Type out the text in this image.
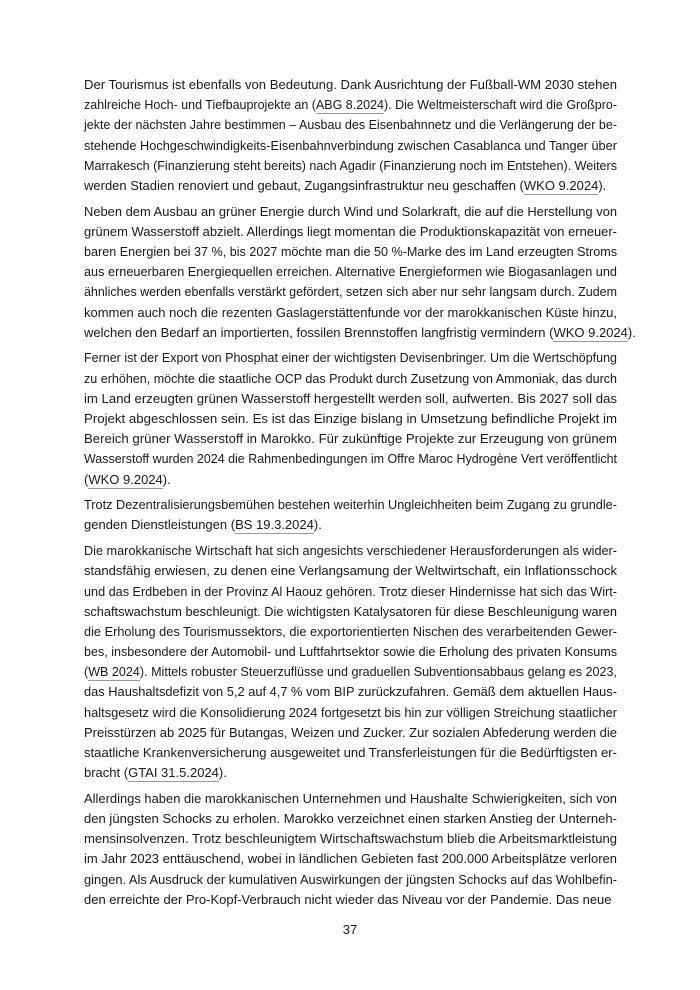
Der Tourismus ist ebenfalls von Bedeutung. Dank Ausrichtung der Fußball-WM 2030 stehen
zahlreiche Hoch- und Tiefbauprojekte an (ABG 8.2024). Die Weltmeisterschaft wird die Großpro-
jekte der nächsten Jahre bestimmen – Ausbau des Eisenbahnnetz und die Verlängerung der be-
stehende Hochgeschwindigkeits-Eisenbahnverbindung zwischen Casablanca und Tanger über
Marrakesch (Finanzierung steht bereits) nach Agadir (Finanzierung noch im Entstehen). Weiters
werden Stadien renoviert und gebaut, Zugangsinfrastruktur neu geschaffen (WKO 9.2024).
Neben dem Ausbau an grüner Energie durch Wind und Solarkraft, die auf die Herstellung von
grünem Wasserstoff abzielt. Allerdings liegt momentan die Produktionskapazität von erneuer-
baren Energien bei 37 %, bis 2027 möchte man die 50 %-Marke des im Land erzeugten Stroms
aus erneuerbaren Energiequellen erreichen. Alternative Energieformen wie Biogasanlagen und
ähnliches werden ebenfalls verstärkt gefördert, setzen sich aber nur sehr langsam durch. Zudem
kommen auch noch die rezenten Gaslagerstättenfunde vor der marokkanischen Küste hinzu,
welchen den Bedarf an importierten, fossilen Brennstoffen langfristig vermindern (WKO 9.2024).
Ferner ist der Export von Phosphat einer der wichtigsten Devisenbringer. Um die Wertschöpfung
zu erhöhen, möchte die staatliche OCP das Produkt durch Zusetzung von Ammoniak, das durch
im Land erzeugten grünen Wasserstoff hergestellt werden soll, aufwerten. Bis 2027 soll das
Projekt abgeschlossen sein. Es ist das Einzige bislang in Umsetzung befindliche Projekt im
Bereich grüner Wasserstoff in Marokko. Für zukünftige Projekte zur Erzeugung von grünem
Wasserstoff wurden 2024 die Rahmenbedingungen im Offre Maroc Hydrogène Vert veröffentlicht
(WKO 9.2024).
Trotz Dezentralisierungsbemühen bestehen weiterhin Ungleichheiten beim Zugang zu grundle-
genden Dienstleistungen (BS 19.3.2024).
Die marokkanische Wirtschaft hat sich angesichts verschiedener Herausforderungen als wider-
standsfähig erwiesen, zu denen eine Verlangsamung der Weltwirtschaft, ein Inflationsschock
und das Erdbeben in der Provinz Al Haouz gehören. Trotz dieser Hindernisse hat sich das Wirt-
schaftswachstum beschleunigt. Die wichtigsten Katalysatoren für diese Beschleunigung waren
die Erholung des Tourismussektors, die exportorientierten Nischen des verarbeitenden Gewer-
bes, insbesondere der Automobil- und Luftfahrtsektor sowie die Erholung des privaten Konsums
(WB 2024). Mittels robuster Steuerzuflüsse und graduellen Subventionsabbaus gelang es 2023,
das Haushaltsdefizit von 5,2 auf 4,7 % vom BIP zurückzufahren. Gemäß dem aktuellen Haus-
haltsgesetz wird die Konsolidierung 2024 fortgesetzt bis hin zur völligen Streichung staatlicher
Preisstürzen ab 2025 für Butangas, Weizen und Zucker. Zur sozialen Abfederung werden die
staatliche Krankenversicherung ausgeweitet und Transferleistungen für die Bedürftigsten er-
bracht (GTAI 31.5.2024).
Allerdings haben die marokkanischen Unternehmen und Haushalte Schwierigkeiten, sich von
den jüngsten Schocks zu erholen. Marokko verzeichnet einen starken Anstieg der Unterneh-
mensinsolvenzen. Trotz beschleunigtem Wirtschaftswachstum blieb die Arbeitsmarktleistung
im Jahr 2023 enttäuschend, wobei in ländlichen Gebieten fast 200.000 Arbeitsplätze verloren
gingen. Als Ausdruck der kumulativen Auswirkungen der jüngsten Schocks auf das Wohlbefin-
den erreichte der Pro-Kopf-Verbrauch nicht wieder das Niveau vor der Pandemie. Das neue
37
